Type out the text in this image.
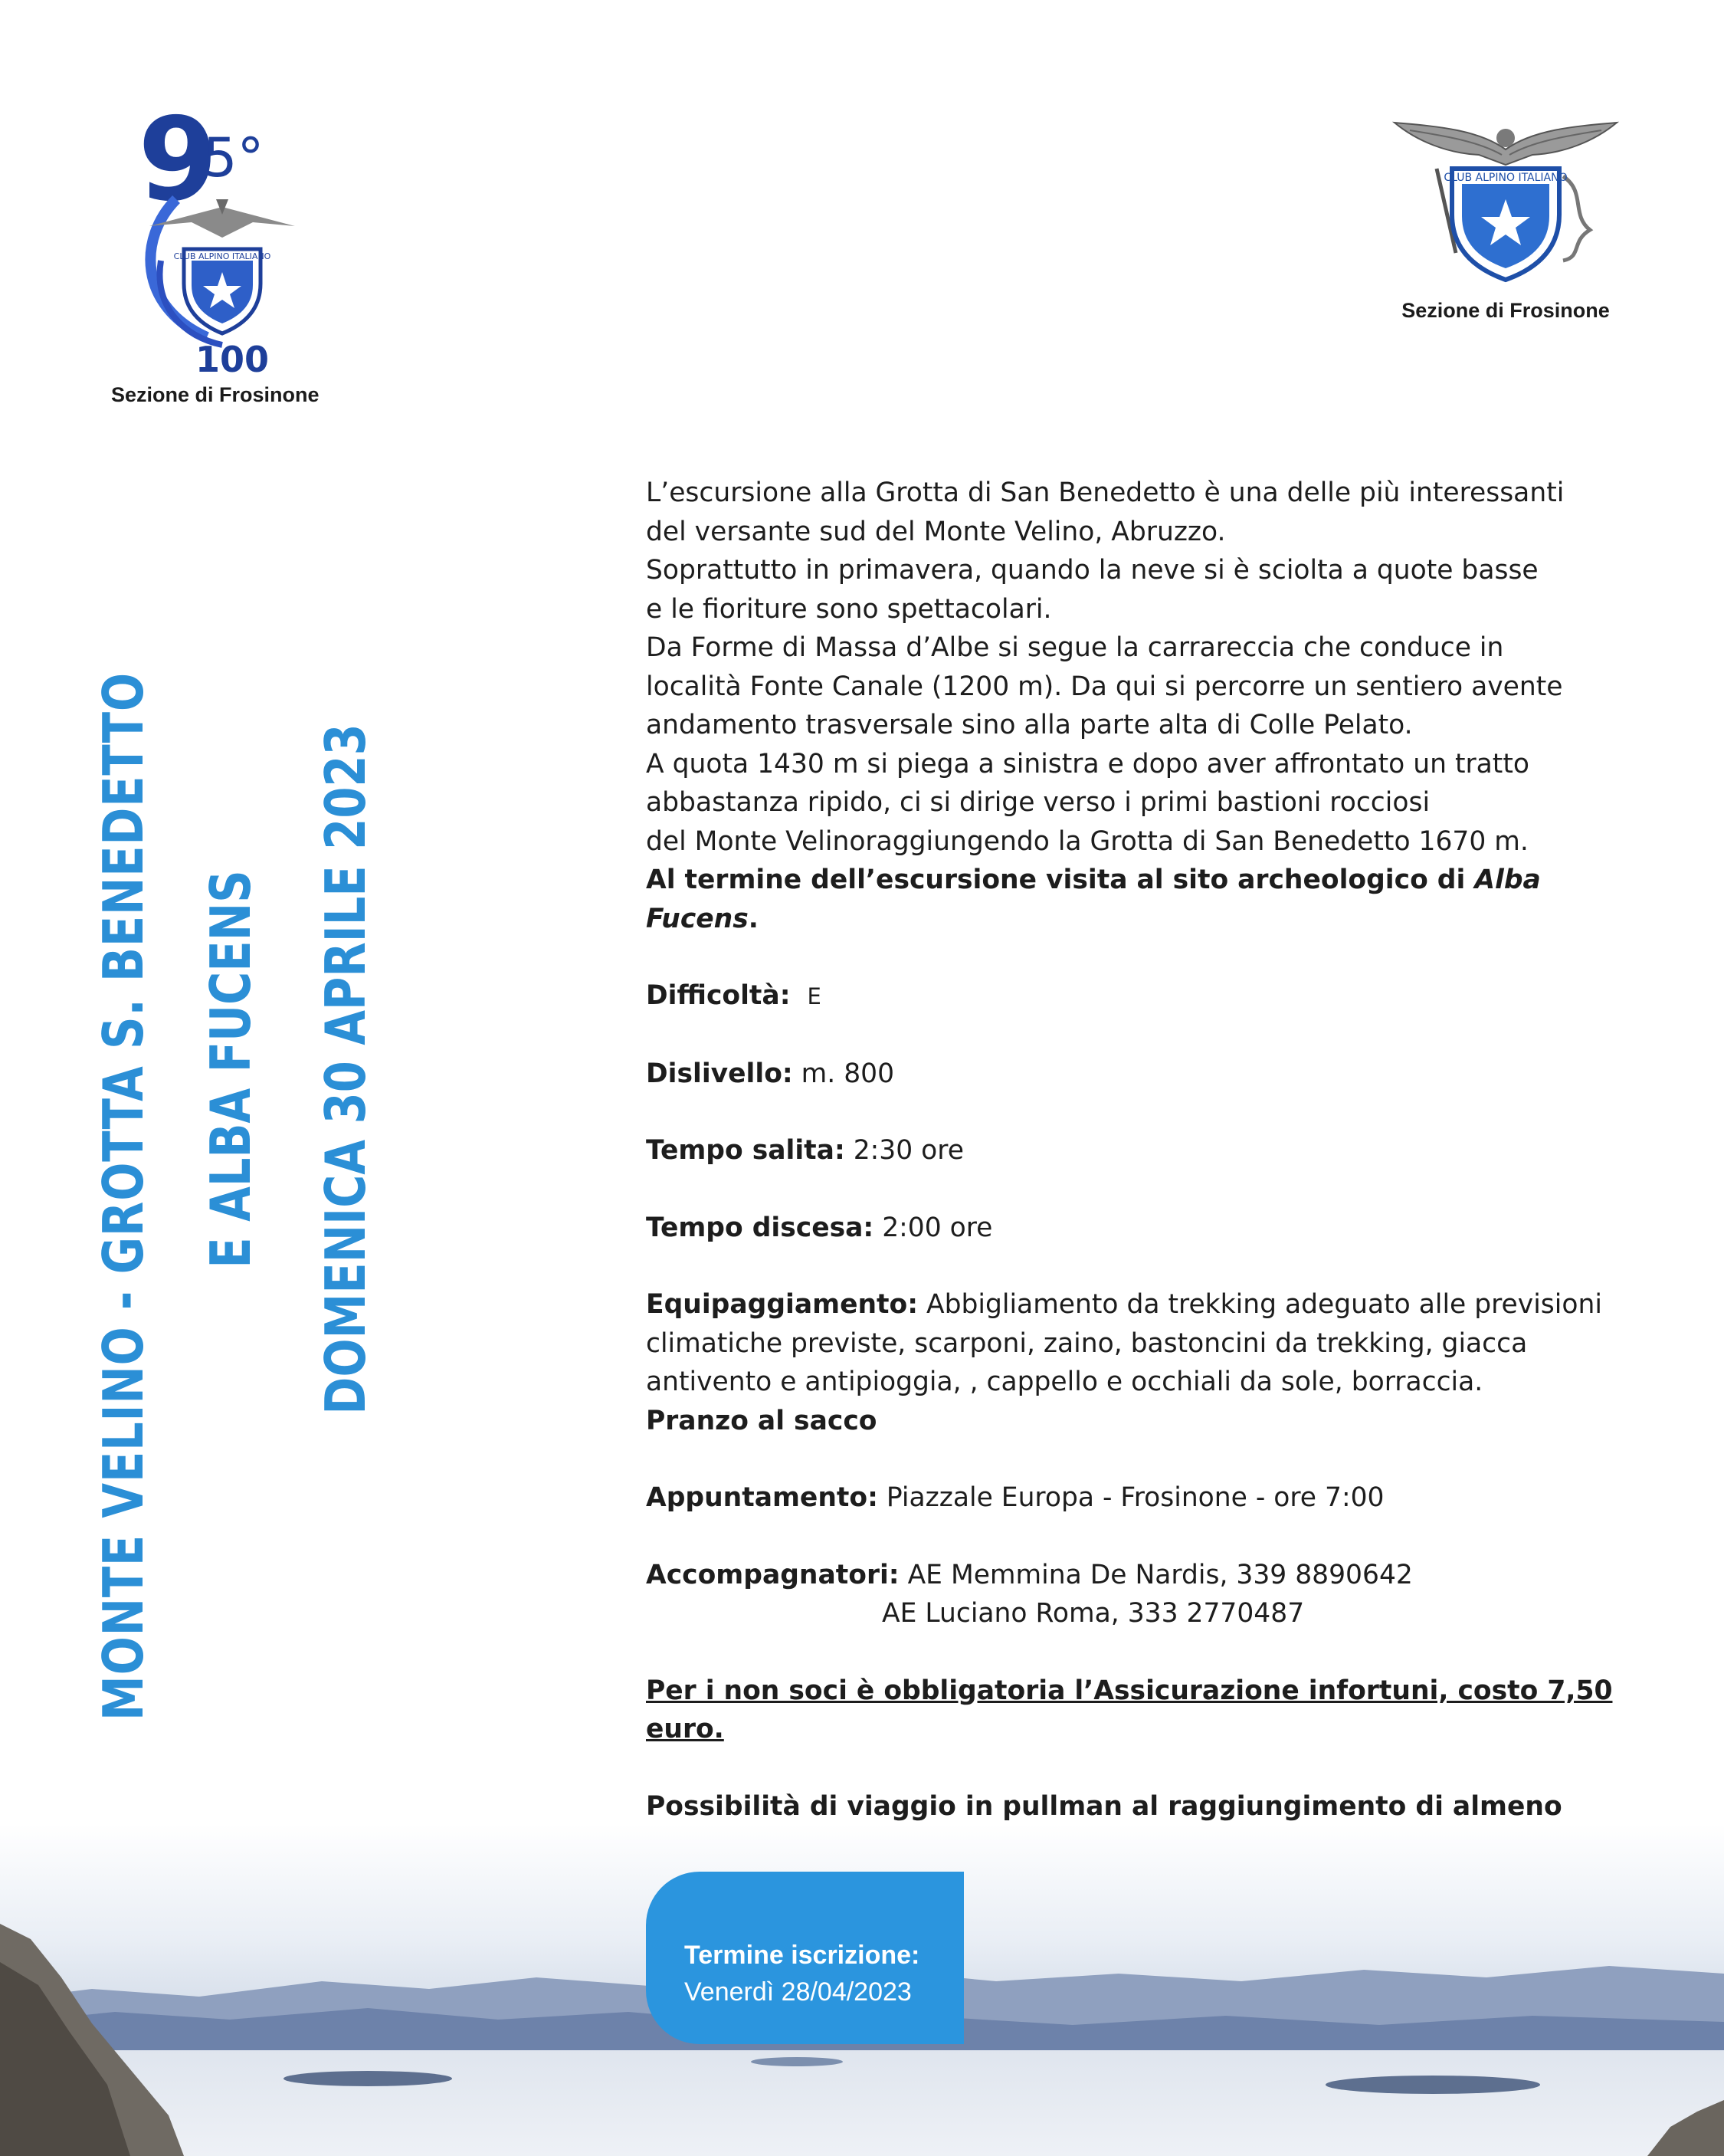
9
5°
CLUB ALPINO ITALIANO
100
Sezione di Frosinone
CLUB ALPINO ITALIANO
Sezione di Frosinone
MONTE VELINO - GROTTA S. BENEDETTO E ALBA FUCENS DOMENICA 30 APRILE 2023

L’escursione alla Grotta di San Benedetto è una delle più interessanti

del versante sud del Monte Velino, Abruzzo.

Soprattutto in primavera, quando la neve si è sciolta a quote basse

e le fioriture sono spettacolari.

Da Forme di Massa d’Albe si segue la carrareccia che conduce in

località Fonte Canale (1200 m). Da qui si percorre un sentiero avente

andamento trasversale sino alla parte alta di Colle Pelato.

A quota 1430 m si piega a sinistra e dopo aver affrontato un tratto

abbastanza ripido, ci si dirige verso i primi bastioni rocciosi

del Monte Velinoraggiungendo la Grotta di San Benedetto 1670 m.

Al termine dell’escursione visita al sito archeologico di Alba Fucens.

Difficoltà: E

Dislivello: m. 800

Tempo salita: 2:30 ore

Tempo discesa: 2:00 ore

Equipaggiamento: Abbigliamento da trekking adeguato alle previsioni

climatiche previste, scarponi, zaino, bastoncini da trekking, giacca

antivento e antipioggia, , cappello e occhiali da sole, borraccia.

Pranzo al sacco

Appuntamento: Piazzale Europa - Frosinone - ore 7:00

Accompagnatori: AE Memmina De Nardis, 339 8890642

AE Luciano Roma, 333 2770487

Per i non soci è obbligatoria l’Assicurazione infortuni, costo 7,50 euro.

Possibilità di viaggio in pullman al raggiungimento di almeno

Termine iscrizione:
Venerdì 28/04/2023
